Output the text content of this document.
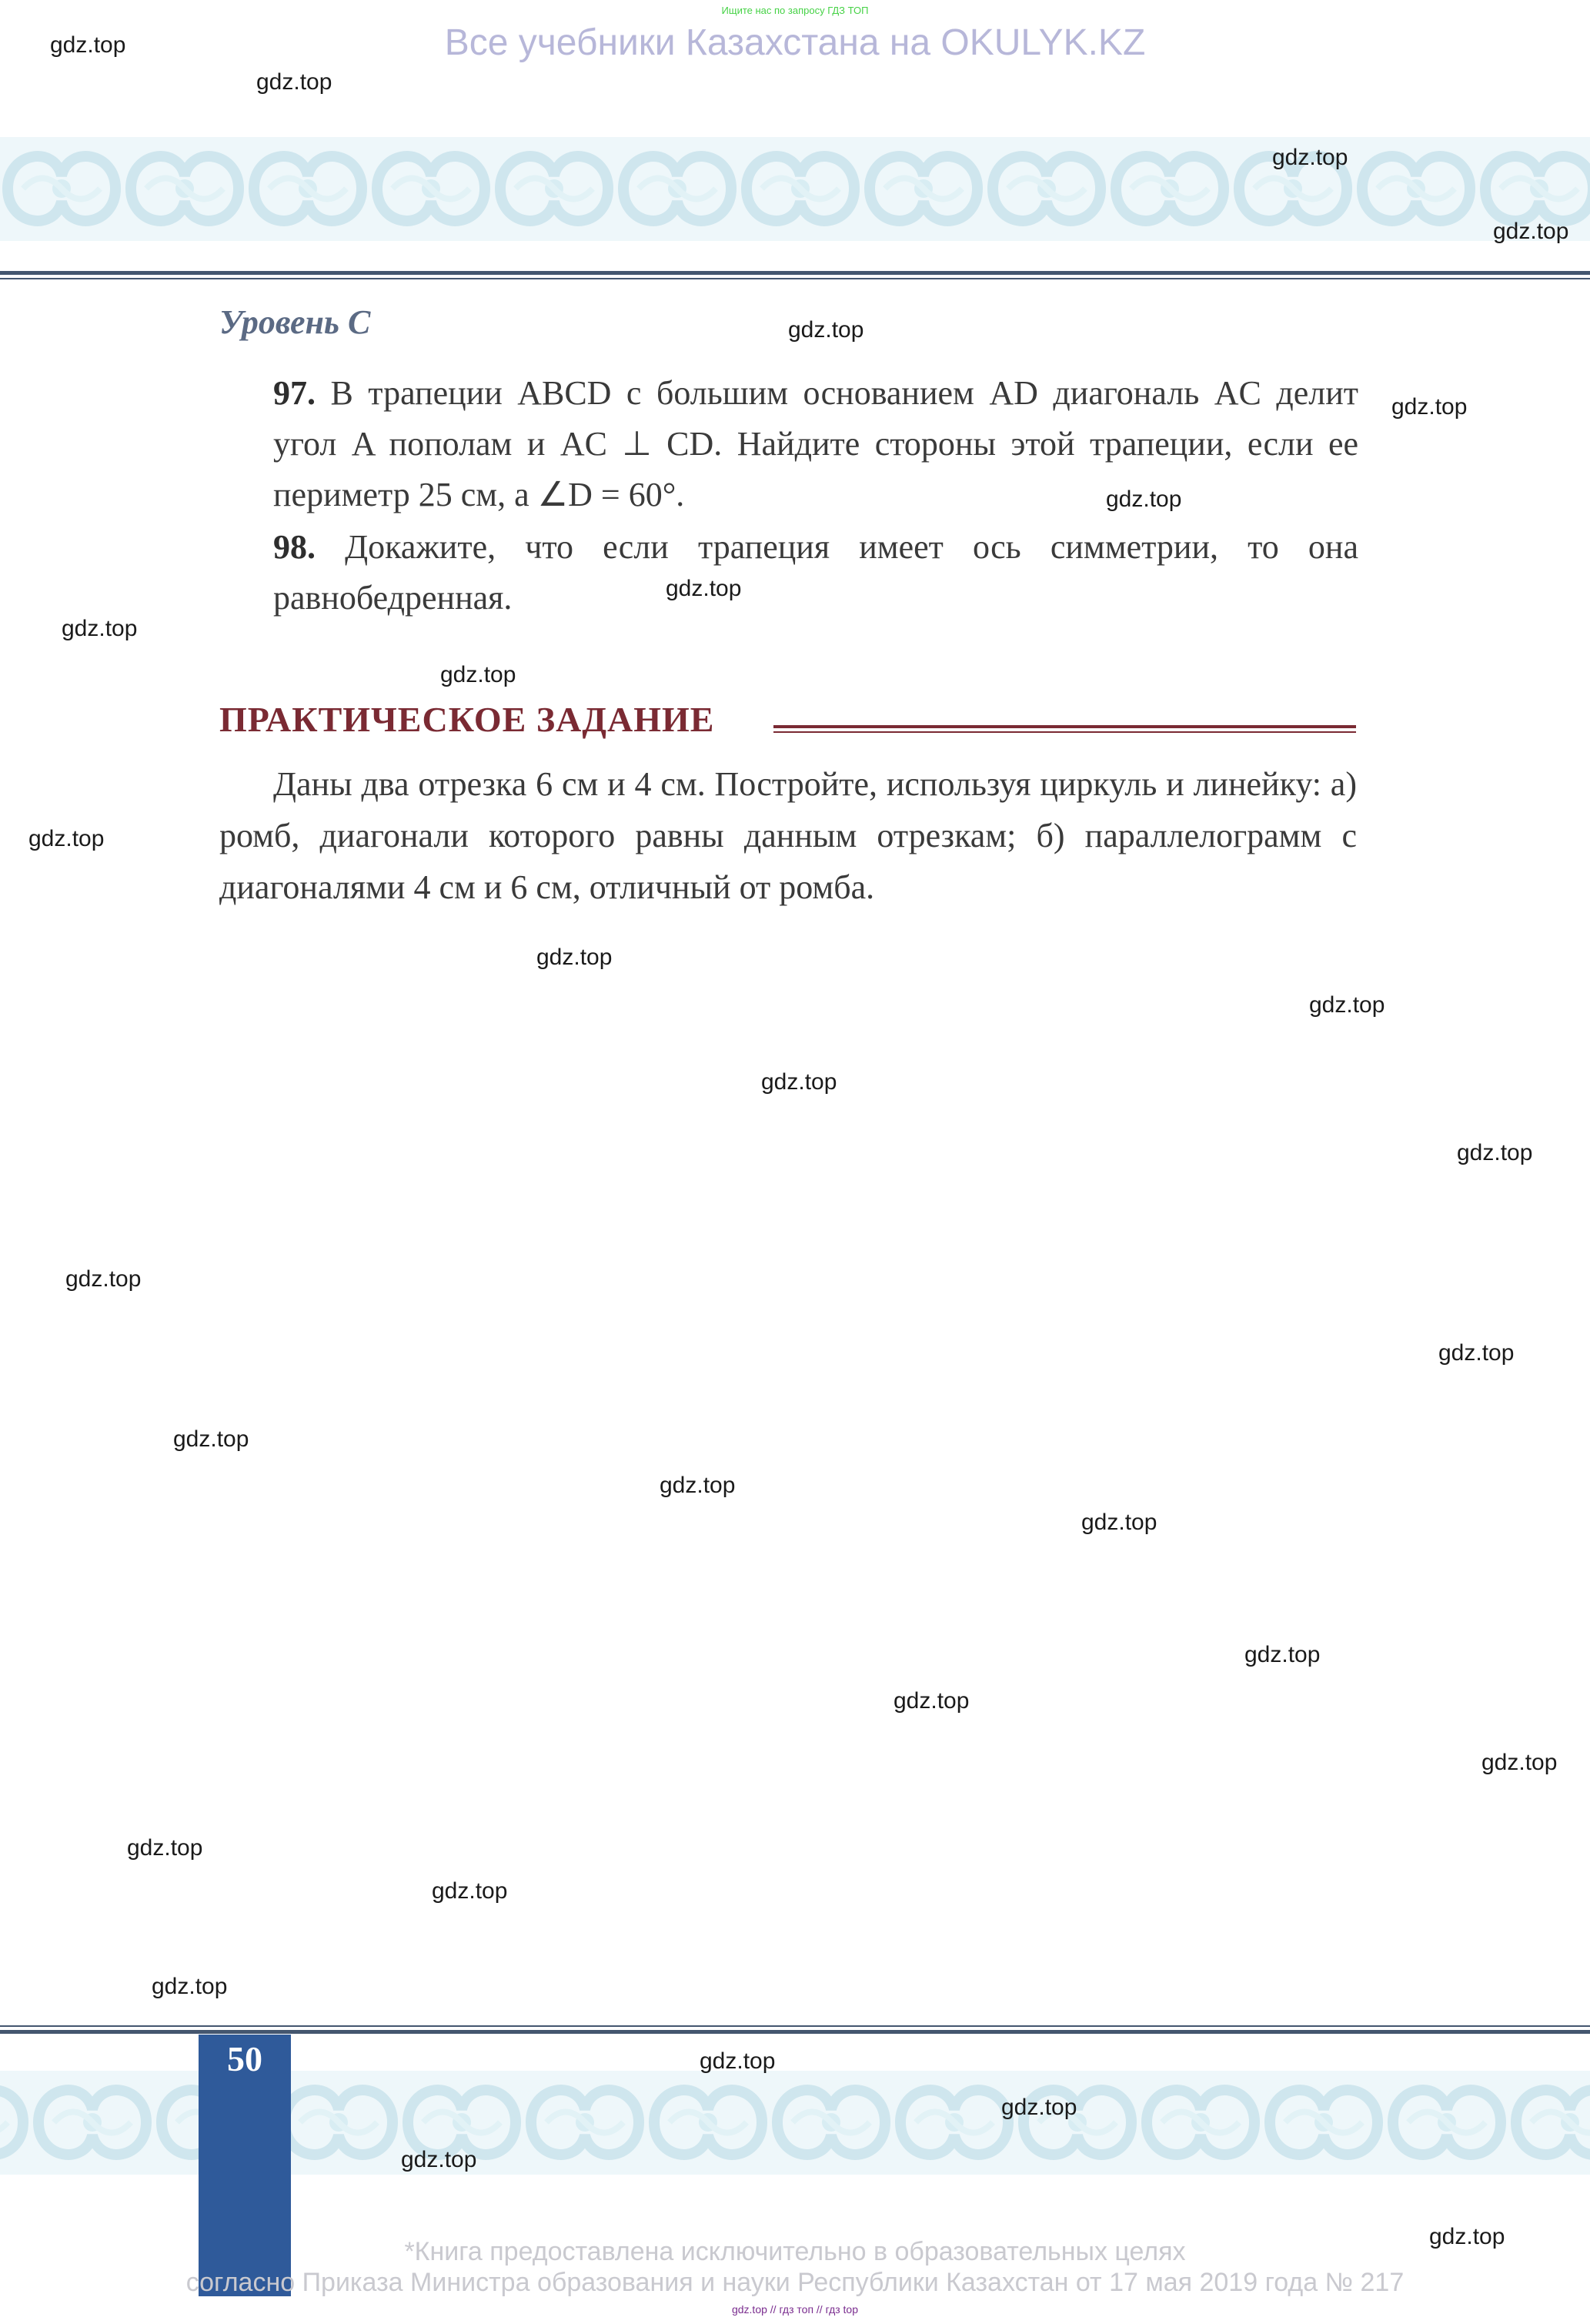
Ищите нас по запросу ГДЗ ТОП
Все учебники Казахстана на OKULYK.KZ
Уровень С
97. В трапеции ABCD с большим основанием AD диагональ AC делит угол A пополам и AC ⊥ CD. Найдите стороны этой трапеции, если ее периметр 25 см, а ∠D = 60°.
98. Докажите, что если трапеция имеет ось симметрии, то она равнобедренная.
ПРАКТИЧЕСКОЕ ЗАДАНИЕ
Даны два отрезка 6 см и 4 см. Постройте, используя циркуль и линейку: а) ромб, диагонали которого равны данным отрезкам; б) параллелограмм с диагоналями 4 см и 6 см, отличный от ромба.
50
*Книга предоставлена исключительно в образовательных целях
согласно Приказа Министра образования и науки Республики Казахстан от 17 мая 2019 года № 217
gdz.top // гдз топ // гдз top
gdz.top
gdz.top
gdz.top
gdz.top
gdz.top
gdz.top
gdz.top
gdz.top
gdz.top
gdz.top
gdz.top
gdz.top
gdz.top
gdz.top
gdz.top
gdz.top
gdz.top
gdz.top
gdz.top
gdz.top
gdz.top
gdz.top
gdz.top
gdz.top
gdz.top
gdz.top
gdz.top
gdz.top
gdz.top
gdz.top
